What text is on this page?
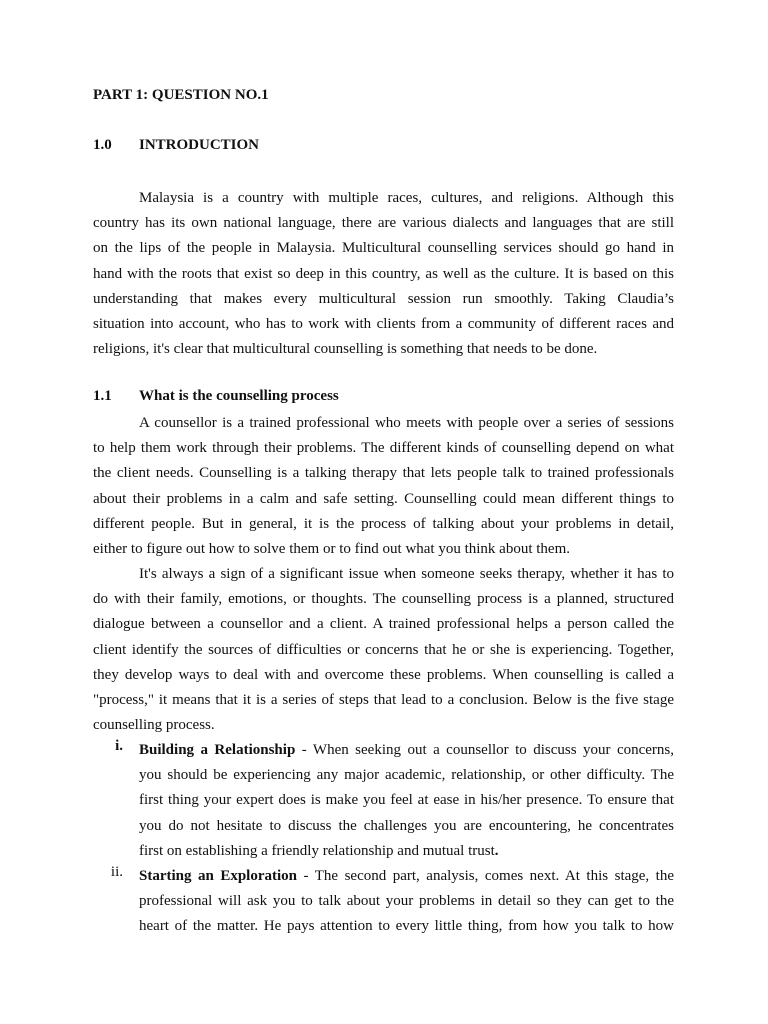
PART 1: QUESTION NO.1
1.0 INTRODUCTION
Malaysia is a country with multiple races, cultures, and religions. Although this
country has its own national language, there are various dialects and languages that are still
on the lips of the people in Malaysia. Multicultural counselling services should go hand in
hand with the roots that exist so deep in this country, as well as the culture. It is based on this
understanding that makes every multicultural session run smoothly. Taking Claudia’s
situation into account, who has to work with clients from a community of different races and
religions, it's clear that multicultural counselling is something that needs to be done.
1.1 What is the counselling process
A counsellor is a trained professional who meets with people over a series of sessions
to help them work through their problems. The different kinds of counselling depend on what
the client needs. Counselling is a talking therapy that lets people talk to trained professionals
about their problems in a calm and safe setting. Counselling could mean different things to
different people. But in general, it is the process of talking about your problems in detail,
either to figure out how to solve them or to find out what you think about them.
It's always a sign of a significant issue when someone seeks therapy, whether it has to
do with their family, emotions, or thoughts. The counselling process is a planned, structured
dialogue between a counsellor and a client. A trained professional helps a person called the
client identify the sources of difficulties or concerns that he or she is experiencing. Together,
they develop ways to deal with and overcome these problems. When counselling is called a
"process," it means that it is a series of steps that lead to a conclusion. Below is the five stage
counselling process.
i. Building a Relationship - When seeking out a counsellor to discuss your concerns,
you should be experiencing any major academic, relationship, or other difficulty. The
first thing your expert does is make you feel at ease in his/her presence. To ensure that
you do not hesitate to discuss the challenges you are encountering, he concentrates
first on establishing a friendly relationship and mutual trust.
ii. Starting an Exploration - The second part, analysis, comes next. At this stage, the
professional will ask you to talk about your problems in detail so they can get to the
heart of the matter. He pays attention to every little thing, from how you talk to how
